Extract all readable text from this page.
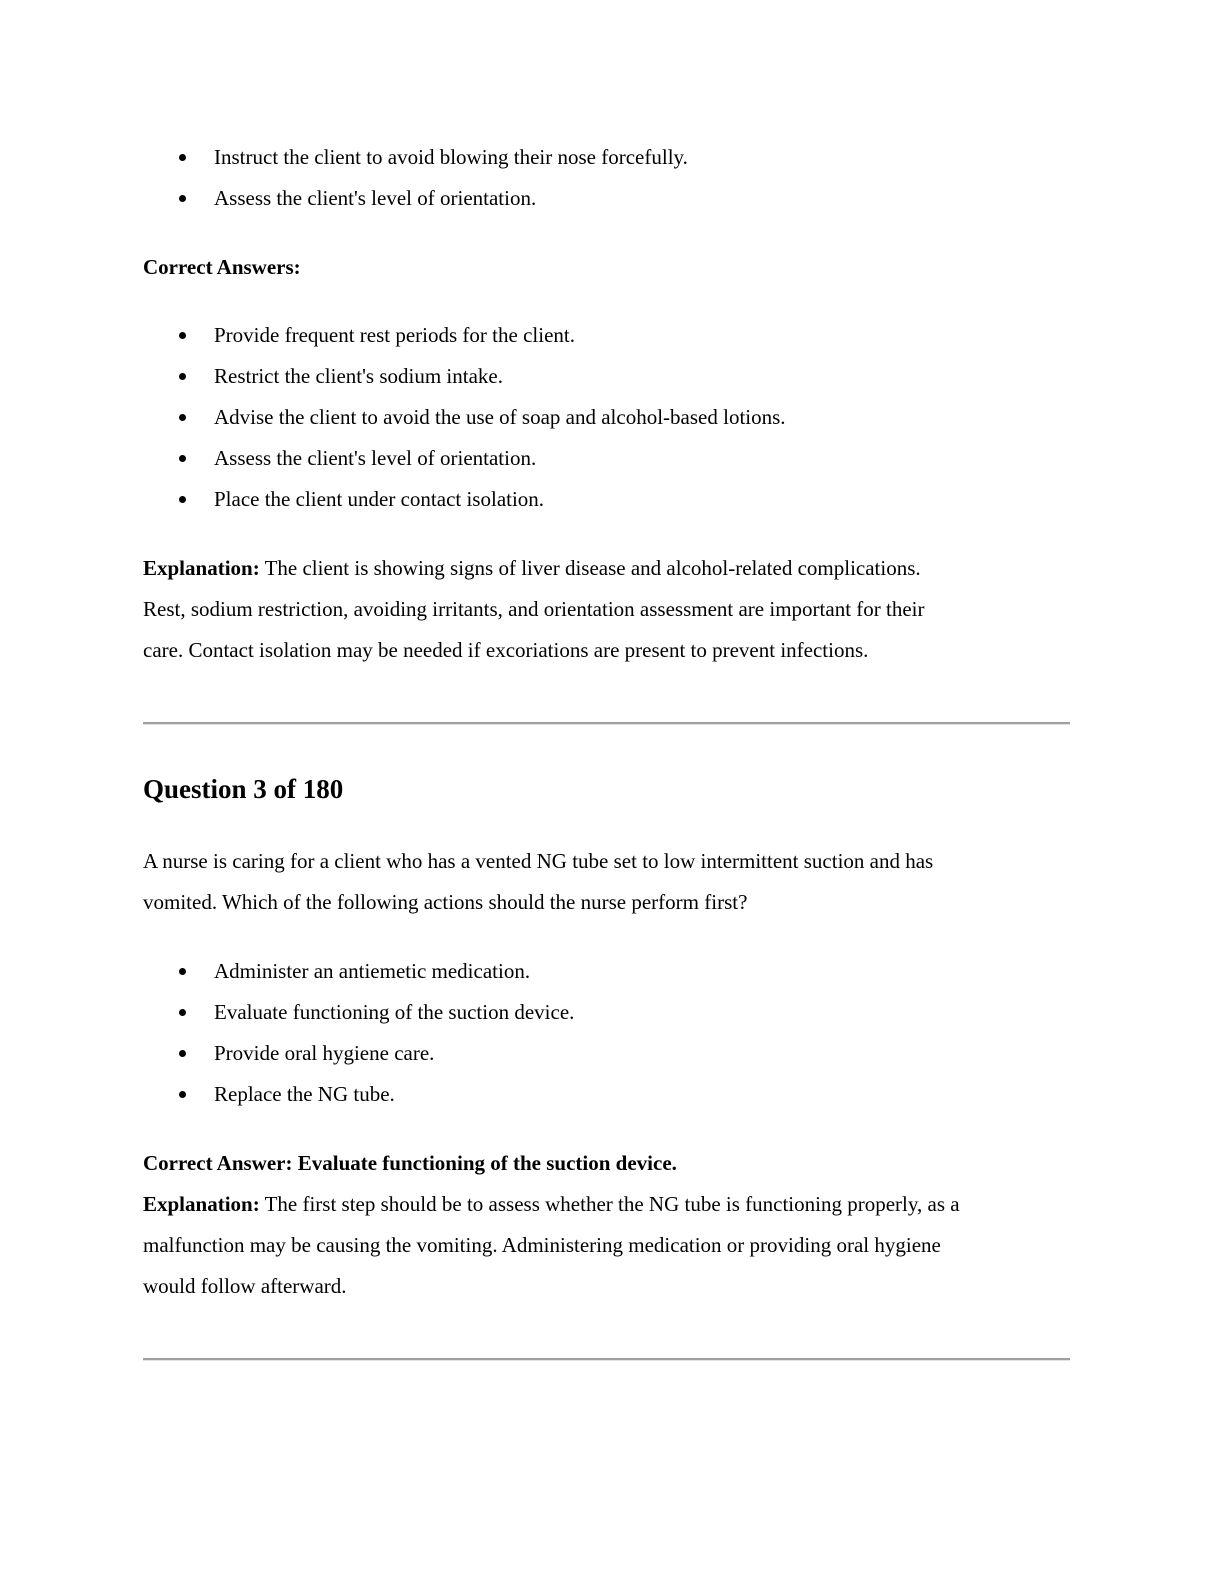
Instruct the client to avoid blowing their nose forcefully.
Assess the client's level of orientation.
Correct Answers:
Provide frequent rest periods for the client.
Restrict the client's sodium intake.
Advise the client to avoid the use of soap and alcohol-based lotions.
Assess the client's level of orientation.
Place the client under contact isolation.
Explanation: The client is showing signs of liver disease and alcohol-related complications.
Rest, sodium restriction, avoiding irritants, and orientation assessment are important for their
care. Contact isolation may be needed if excoriations are present to prevent infections.
Question 3 of 180
A nurse is caring for a client who has a vented NG tube set to low intermittent suction and has
vomited. Which of the following actions should the nurse perform first?
Administer an antiemetic medication.
Evaluate functioning of the suction device.
Provide oral hygiene care.
Replace the NG tube.
Correct Answer: Evaluate functioning of the suction device.
Explanation: The first step should be to assess whether the NG tube is functioning properly, as a
malfunction may be causing the vomiting. Administering medication or providing oral hygiene
would follow afterward.
